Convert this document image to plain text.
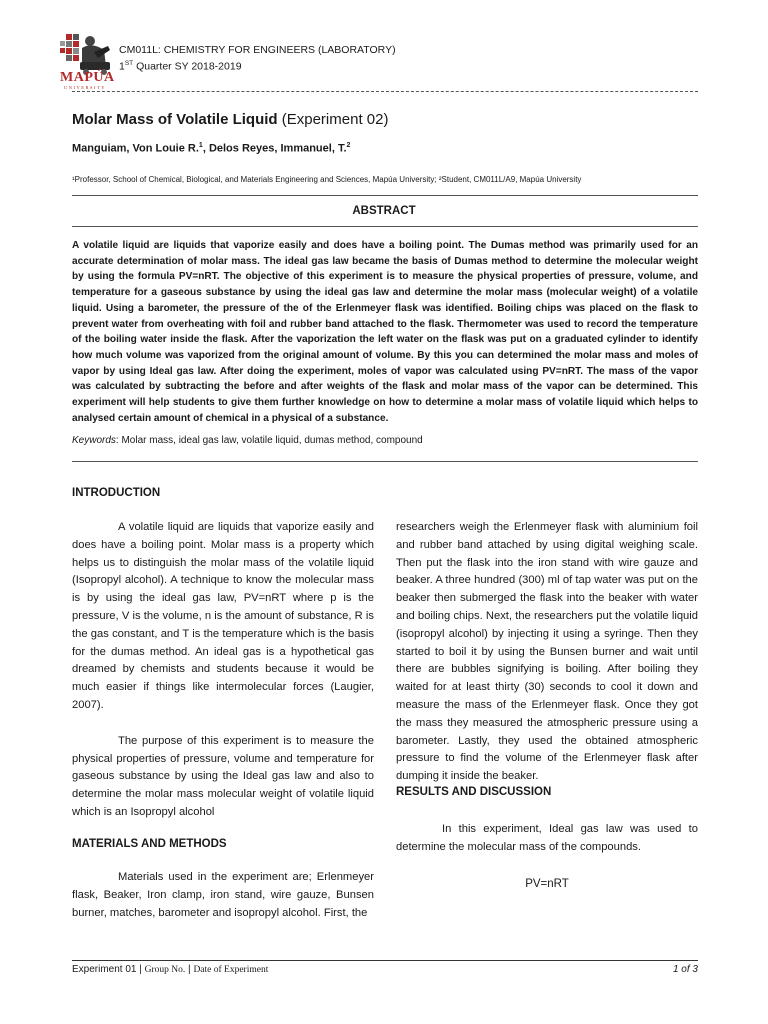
MAPÚA
UNIVERSITY
CM011L: CHEMISTRY FOR ENGINEERS (LABORATORY)
1ST Quarter SY 2018-2019
Molar Mass of Volatile Liquid (Experiment 02)
Manguiam, Von Louie R.$^1$, Delos Reyes, Immanuel, T.$^2$
¹Professor, School of Chemical, Biological, and Materials Engineering and Sciences, Mapúa University; ²Student, CM011L/A9, Mapúa University
ABSTRACT
A volatile liquid are liquids that vaporize easily and does have a boiling point. The Dumas method was primarily used for an accurate determination of molar mass. The ideal gas law became the basis of Dumas method to determine the molecular weight by using the formula PV=nRT. The objective of this experiment is to measure the physical properties of pressure, volume, and temperature for a gaseous substance by using the ideal gas law and determine the molar mass (molecular weight) of a volatile liquid. Using a barometer, the pressure of the of the Erlenmeyer flask was identified. Boiling chips was placed on the flask to prevent water from overheating with foil and rubber band attached to the flask. Thermometer was used to record the temperature of the boiling water inside the flask. After the vaporization the left water on the flask was put on a graduated cylinder to identify how much volume was vaporized from the original amount of volume. By this you can determined the molar mass and moles of vapor by using Ideal gas law. After doing the experiment, moles of vapor was calculated using PV=nRT. The mass of the vapor was calculated by subtracting the before and after weights of the flask and molar mass of the vapor can be determined. This experiment will help students to give them further knowledge on how to determine a molar mass of volatile liquid which helps to analysed certain amount of chemical in a physical of a substance.
Keywords: Molar mass, ideal gas law, volatile liquid, dumas method, compound
INTRODUCTION

A volatile liquid are liquids that vaporize easily and does have a boiling point. Molar mass is a property which helps us to distinguish the molar mass of the volatile liquid (Isopropyl alcohol). A technique to know the molecular mass is by using the ideal gas law, PV=nRT where p is the pressure, V is the volume, n is the amount of substance, R is the gas constant, and T is the temperature which is the basis for the dumas method. An ideal gas is a hypothetical gas dreamed by chemists and students because it would be much easier if things like intermolecular forces (Laugier, 2007).

The purpose of this experiment is to measure the physical properties of pressure, volume and temperature for gaseous substance by using the Ideal gas law and also to determine the molar mass molecular weight of volatile liquid which is an Isopropyl alcohol

MATERIALS AND METHODS

Materials used in the experiment are; Erlenmeyer flask, Beaker, Iron clamp, iron stand, wire gauze, Bunsen burner, matches, barometer and isopropyl alcohol. First, the

researchers weigh the Erlenmeyer flask with aluminium foil and rubber band attached by using digital weighing scale. Then put the flask into the iron stand with wire gauze and beaker. A three hundred (300) ml of tap water was put on the beaker then submerged the flask into the beaker with water and boiling chips. Next, the researchers put the volatile liquid (isopropyl alcohol) by injecting it using a syringe. Then they started to boil it by using the Bunsen burner and wait until there are bubbles signifying is boiling. After boiling they waited for at least thirty (30) seconds to cool it down and measure the mass of the Erlenmeyer flask. Once they got the mass they measured the atmospheric pressure using a barometer. Lastly, they used the obtained atmospheric pressure to find the volume of the Erlenmeyer flask after dumping it inside the beaker.

RESULTS AND DISCUSSION

In this experiment, Ideal gas law was used to determine the molecular mass of the compounds.

PV=nRT
Experiment 01 | Group No. | Date of Experiment	1 of 3
